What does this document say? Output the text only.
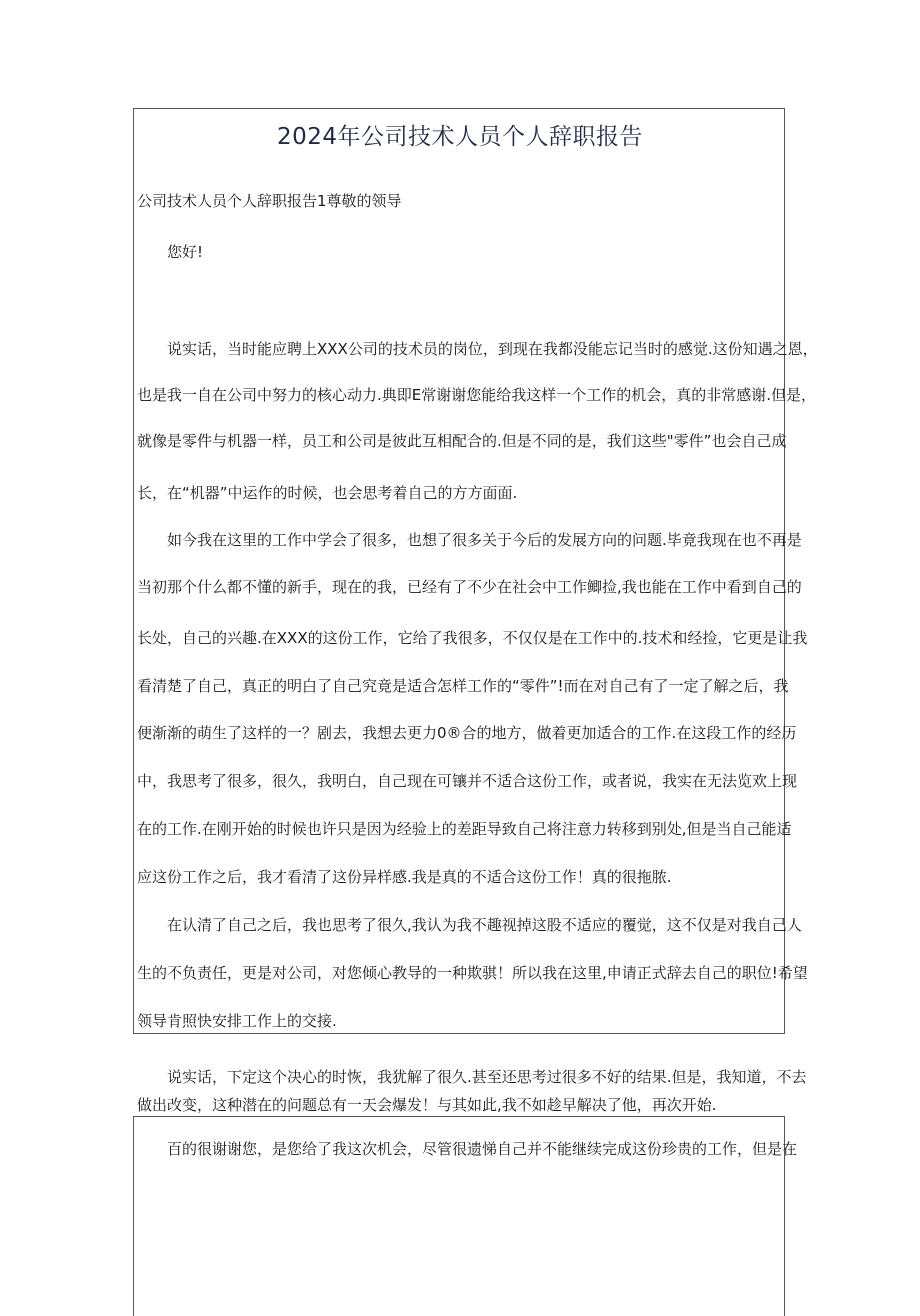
2024年公司技术人员个人辞职报告
公司技术人员个人辞职报告1尊敬的领导
您好!
说实话，当时能应聘上XXX公司的技术员的岗位，到现在我都没能忘记当时的感觉.这份知遇之恩，
也是我一自在公司中努力的核心动力.典即E常谢谢您能给我这样一个工作的机会，真的非常感谢.但是，
就像是零件与机器一样，员工和公司是彼此互相配合的.但是不同的是，我们这些"零件”也会自己成
长，在“机器”中运作的时候，也会思考着自己的方方面面.
如今我在这里的工作中学会了很多，也想了很多关于今后的发展方向的问题.毕竟我现在也不再是
当初那个什么都不懂的新手，现在的我，已经有了不少在社会中工作鲫捡,我也能在工作中看到自己的
长处，自己的兴趣.在XXX的这份工作，它给了我很多，不仅仅是在工作中的.技术和经捡，它更是让我
看清楚了自己，真正的明白了自己究竟是适合怎样工作的“零件”!而在对自己有了一定了解之后，我
便渐渐的萌生了这样的一？剧去，我想去更力0®合的地方，做着更加适合的工作.在这段工作的经历
中，我思考了很多，很久，我明白，自己现在可镶并不适合这份工作，或者说，我实在无法览欢上现
在的工作.在刚开始的时候也许只是因为经验上的差距导致自己将注意力转移到别处,但是当自己能适
应这份工作之后，我才看清了这份异样感.我是真的不适合这份工作！真的很拖脓.
在认清了自己之后，我也思考了很久,我认为我不趣视掉这股不适应的覆觉，这不仅是对我自己人
生的不负责任，更是对公司，对您倾心教导的一种欺骐！所以我在这里,申请正式辞去自己的职位!希望
领导肯照快安排工作上的交接.
说实话，下定这个决心的时恢，我犹解了很久.甚至还思考过很多不好的结果.但是，我知道，不去
做出改变，这种潜在的问题总有一天会爆发！与其如此,我不如趁早解决了他，再次开始.
百的很谢谢您，是您给了我这次机会，尽管很遗悌自己并不能继续完成这份珍贵的工作，但是在
